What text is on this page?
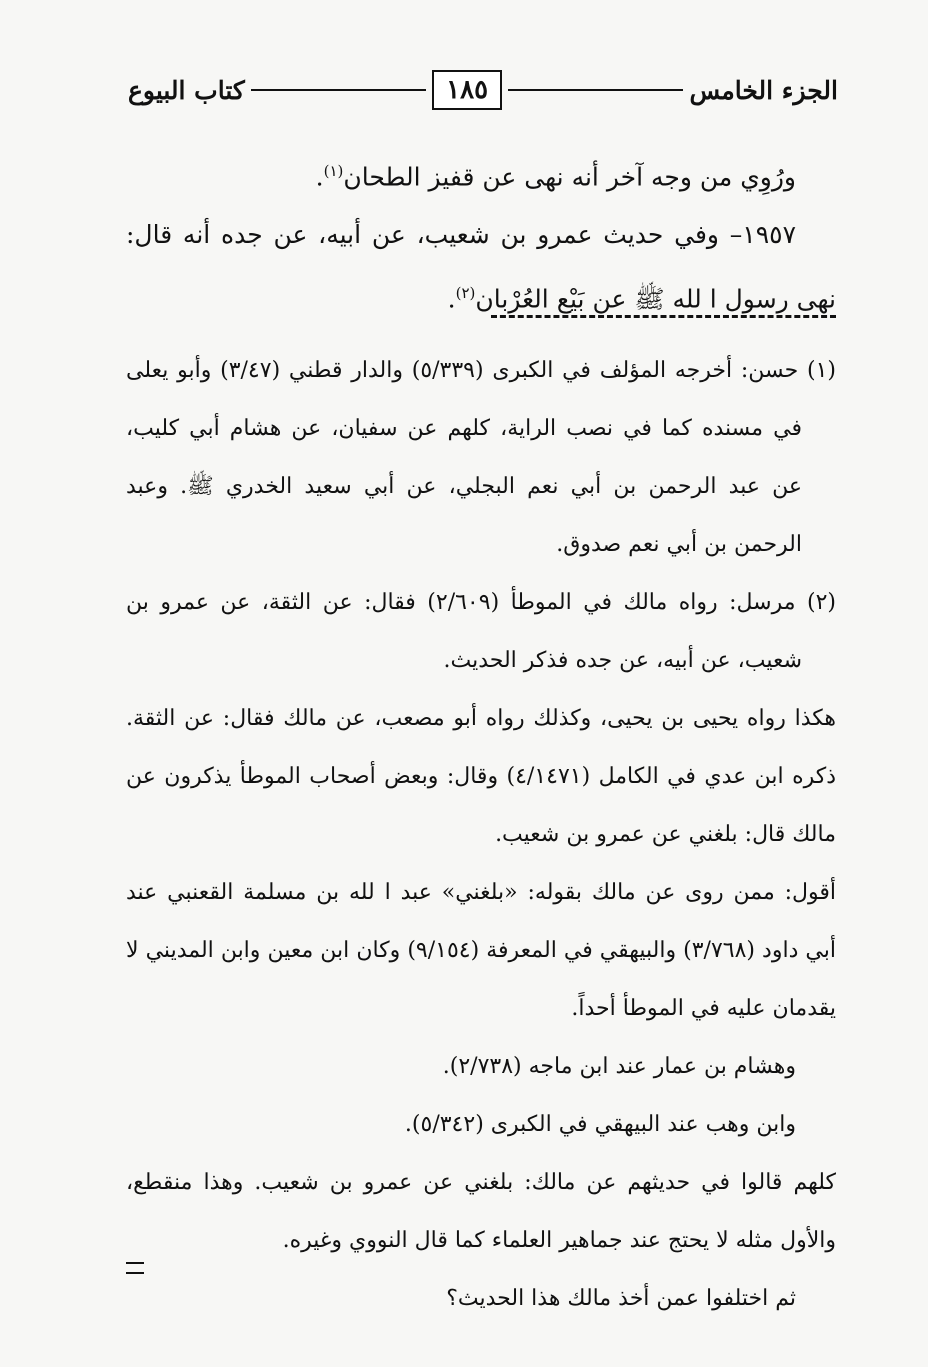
الجزء الخامس
١٨٥
كتاب البيوع

ورُوِي من وجه آخر أنه نهى عن قفيز الطحان$^{(١)}$.

١٩٥٧– وفي حديث عمرو بن شعيب، عن أبيه، عن جده أنه قال: نهى رسول ا لله ﷺ عن بَيْع العُرْبان$^{(٢)}$.

(١) حسن: أخرجه المؤلف في الكبرى (٥/٣٣٩) والدار قطني (٣/٤٧) وأبو يعلى في مسنده كما في نصب الراية، كلهم عن سفيان، عن هشام أبي كليب، عن عبد الرحمن بن أبي نعم البجلي، عن أبي سعيد الخدري ﷺ. وعبد الرحمن بن أبي نعم صدوق.

(٢) مرسل: رواه مالك في الموطأ (٢/٦٠٩) فقال: عن الثقة، عن عمرو بن شعيب، عن أبيه، عن جده فذكر الحديث.

هكذا رواه يحيى بن يحيى، وكذلك رواه أبو مصعب، عن مالك فقال: عن الثقة. ذكره ابن عدي في الكامل (٤/١٤٧١) وقال: وبعض أصحاب الموطأ يذكرون عن مالك قال: بلغني عن عمرو بن شعيب.

أقول: ممن روى عن مالك بقوله: «بلغني» عبد ا لله بن مسلمة القعنبي عند أبي داود (٣/٧٦٨) والبيهقي في المعرفة (٩/١٥٤) وكان ابن معين وابن المديني لا يقدمان عليه في الموطأ أحداً.

وهشام بن عمار عند ابن ماجه (٢/٧٣٨).

وابن وهب عند البيهقي في الكبرى (٥/٣٤٢).

كلهم قالوا في حديثهم عن مالك: بلغني عن عمرو بن شعيب. وهذا منقطع، والأول مثله لا يحتج عند جماهير العلماء كما قال النووي وغيره.

ثم اختلفوا عمن أخذ مالك هذا الحديث؟
